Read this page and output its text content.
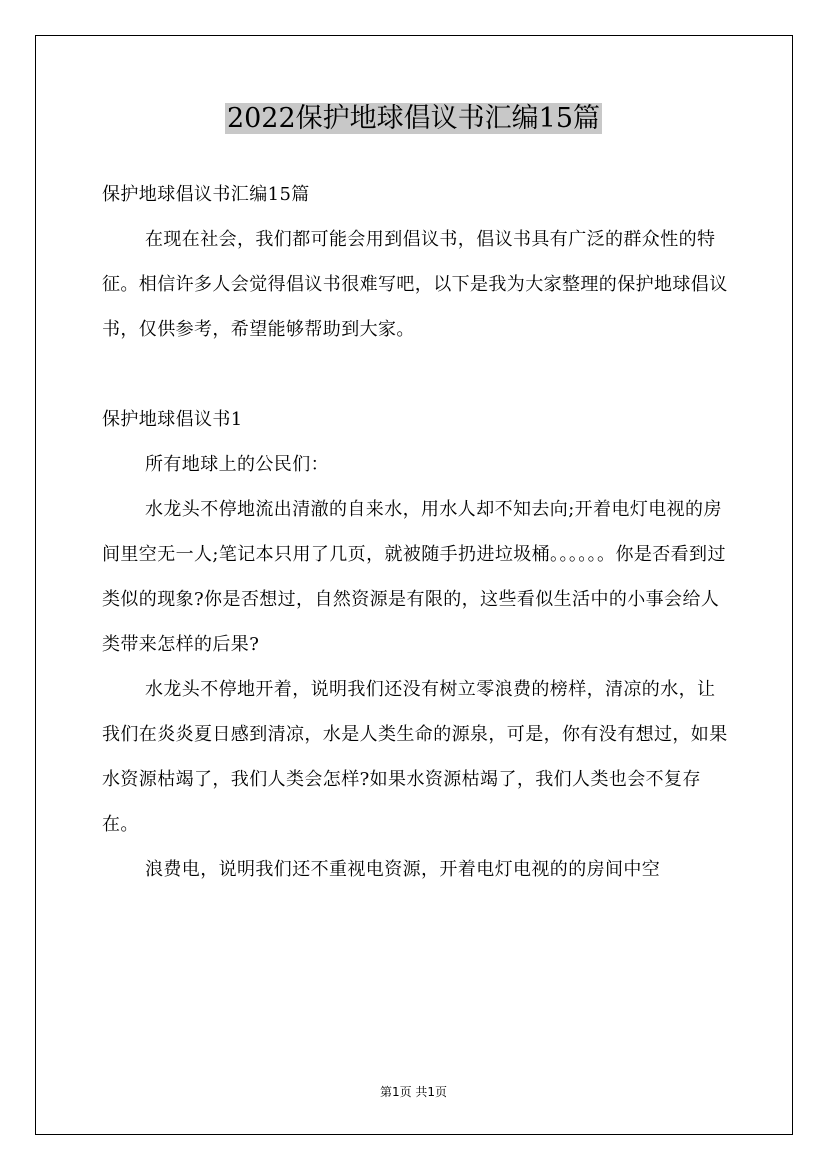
2022保护地球倡议书汇编15篇

保护地球倡议书汇编15篇

在现在社会，我们都可能会用到倡议书，倡议书具有广泛的群众性的特征。相信许多人会觉得倡议书很难写吧，以下是我为大家整理的保护地球倡议书，仅供参考，希望能够帮助到大家。

保护地球倡议书1

所有地球上的公民们：

水龙头不停地流出清澈的自来水，用水人却不知去向;开着电灯电视的房间里空无一人;笔记本只用了几页，就被随手扔进垃圾桶。。。。。。你是否看到过类似的现象?你是否想过，自然资源是有限的，这些看似生活中的小事会给人类带来怎样的后果?

水龙头不停地开着，说明我们还没有树立零浪费的榜样，清凉的水，让我们在炎炎夏日感到清凉，水是人类生命的源泉，可是，你有没有想过，如果水资源枯竭了，我们人类会怎样?如果水资源枯竭了，我们人类也会不复存在。

浪费电，说明我们还不重视电资源，开着电灯电视的的房间中空

第1页 共1页
